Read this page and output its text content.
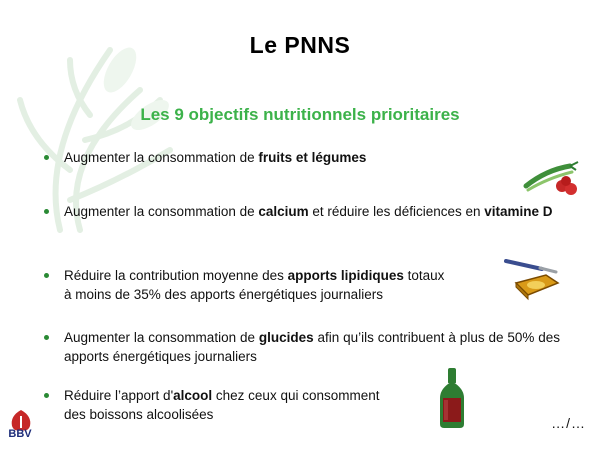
Le PNNS
Les 9 objectifs nutritionnels prioritaires
Augmenter la consommation de fruits et légumes
Augmenter la consommation de calcium et réduire les déficiences en vitamine D
Réduire la contribution moyenne des apports lipidiques totaux
à moins de 35% des apports énergétiques journaliers
Augmenter la consommation de glucides afin qu’ils contribuent à plus de 50% des apports énergétiques journaliers
Réduire l’apport d'alcool chez ceux qui consomment
des boissons alcoolisées
BBV
…/…
